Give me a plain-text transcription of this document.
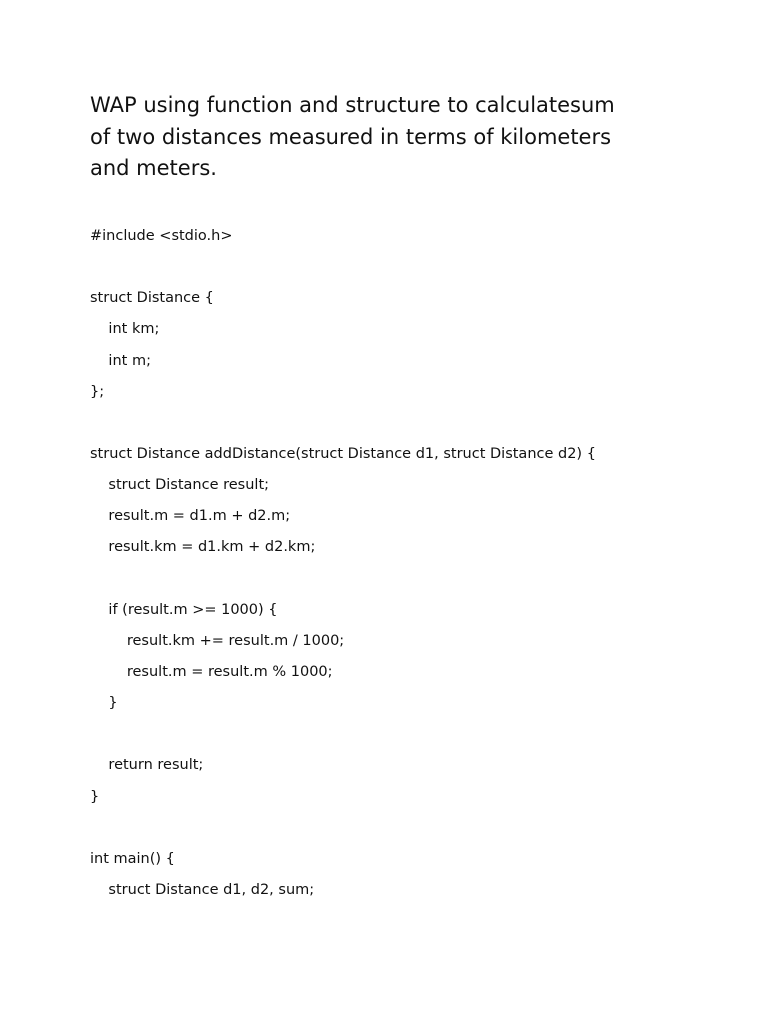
WAP using function and structure to calculatesum
of two distances measured in terms of kilometers
and meters.
#include <stdio.h>
struct Distance {
int km;
int m;
};
struct Distance addDistance(struct Distance d1, struct Distance d2) {
struct Distance result;
result.m = d1.m + d2.m;
result.km = d1.km + d2.km;
if (result.m >= 1000) {
result.km += result.m / 1000;
result.m = result.m % 1000;
}
return result;
}
int main() {
struct Distance d1, d2, sum;
